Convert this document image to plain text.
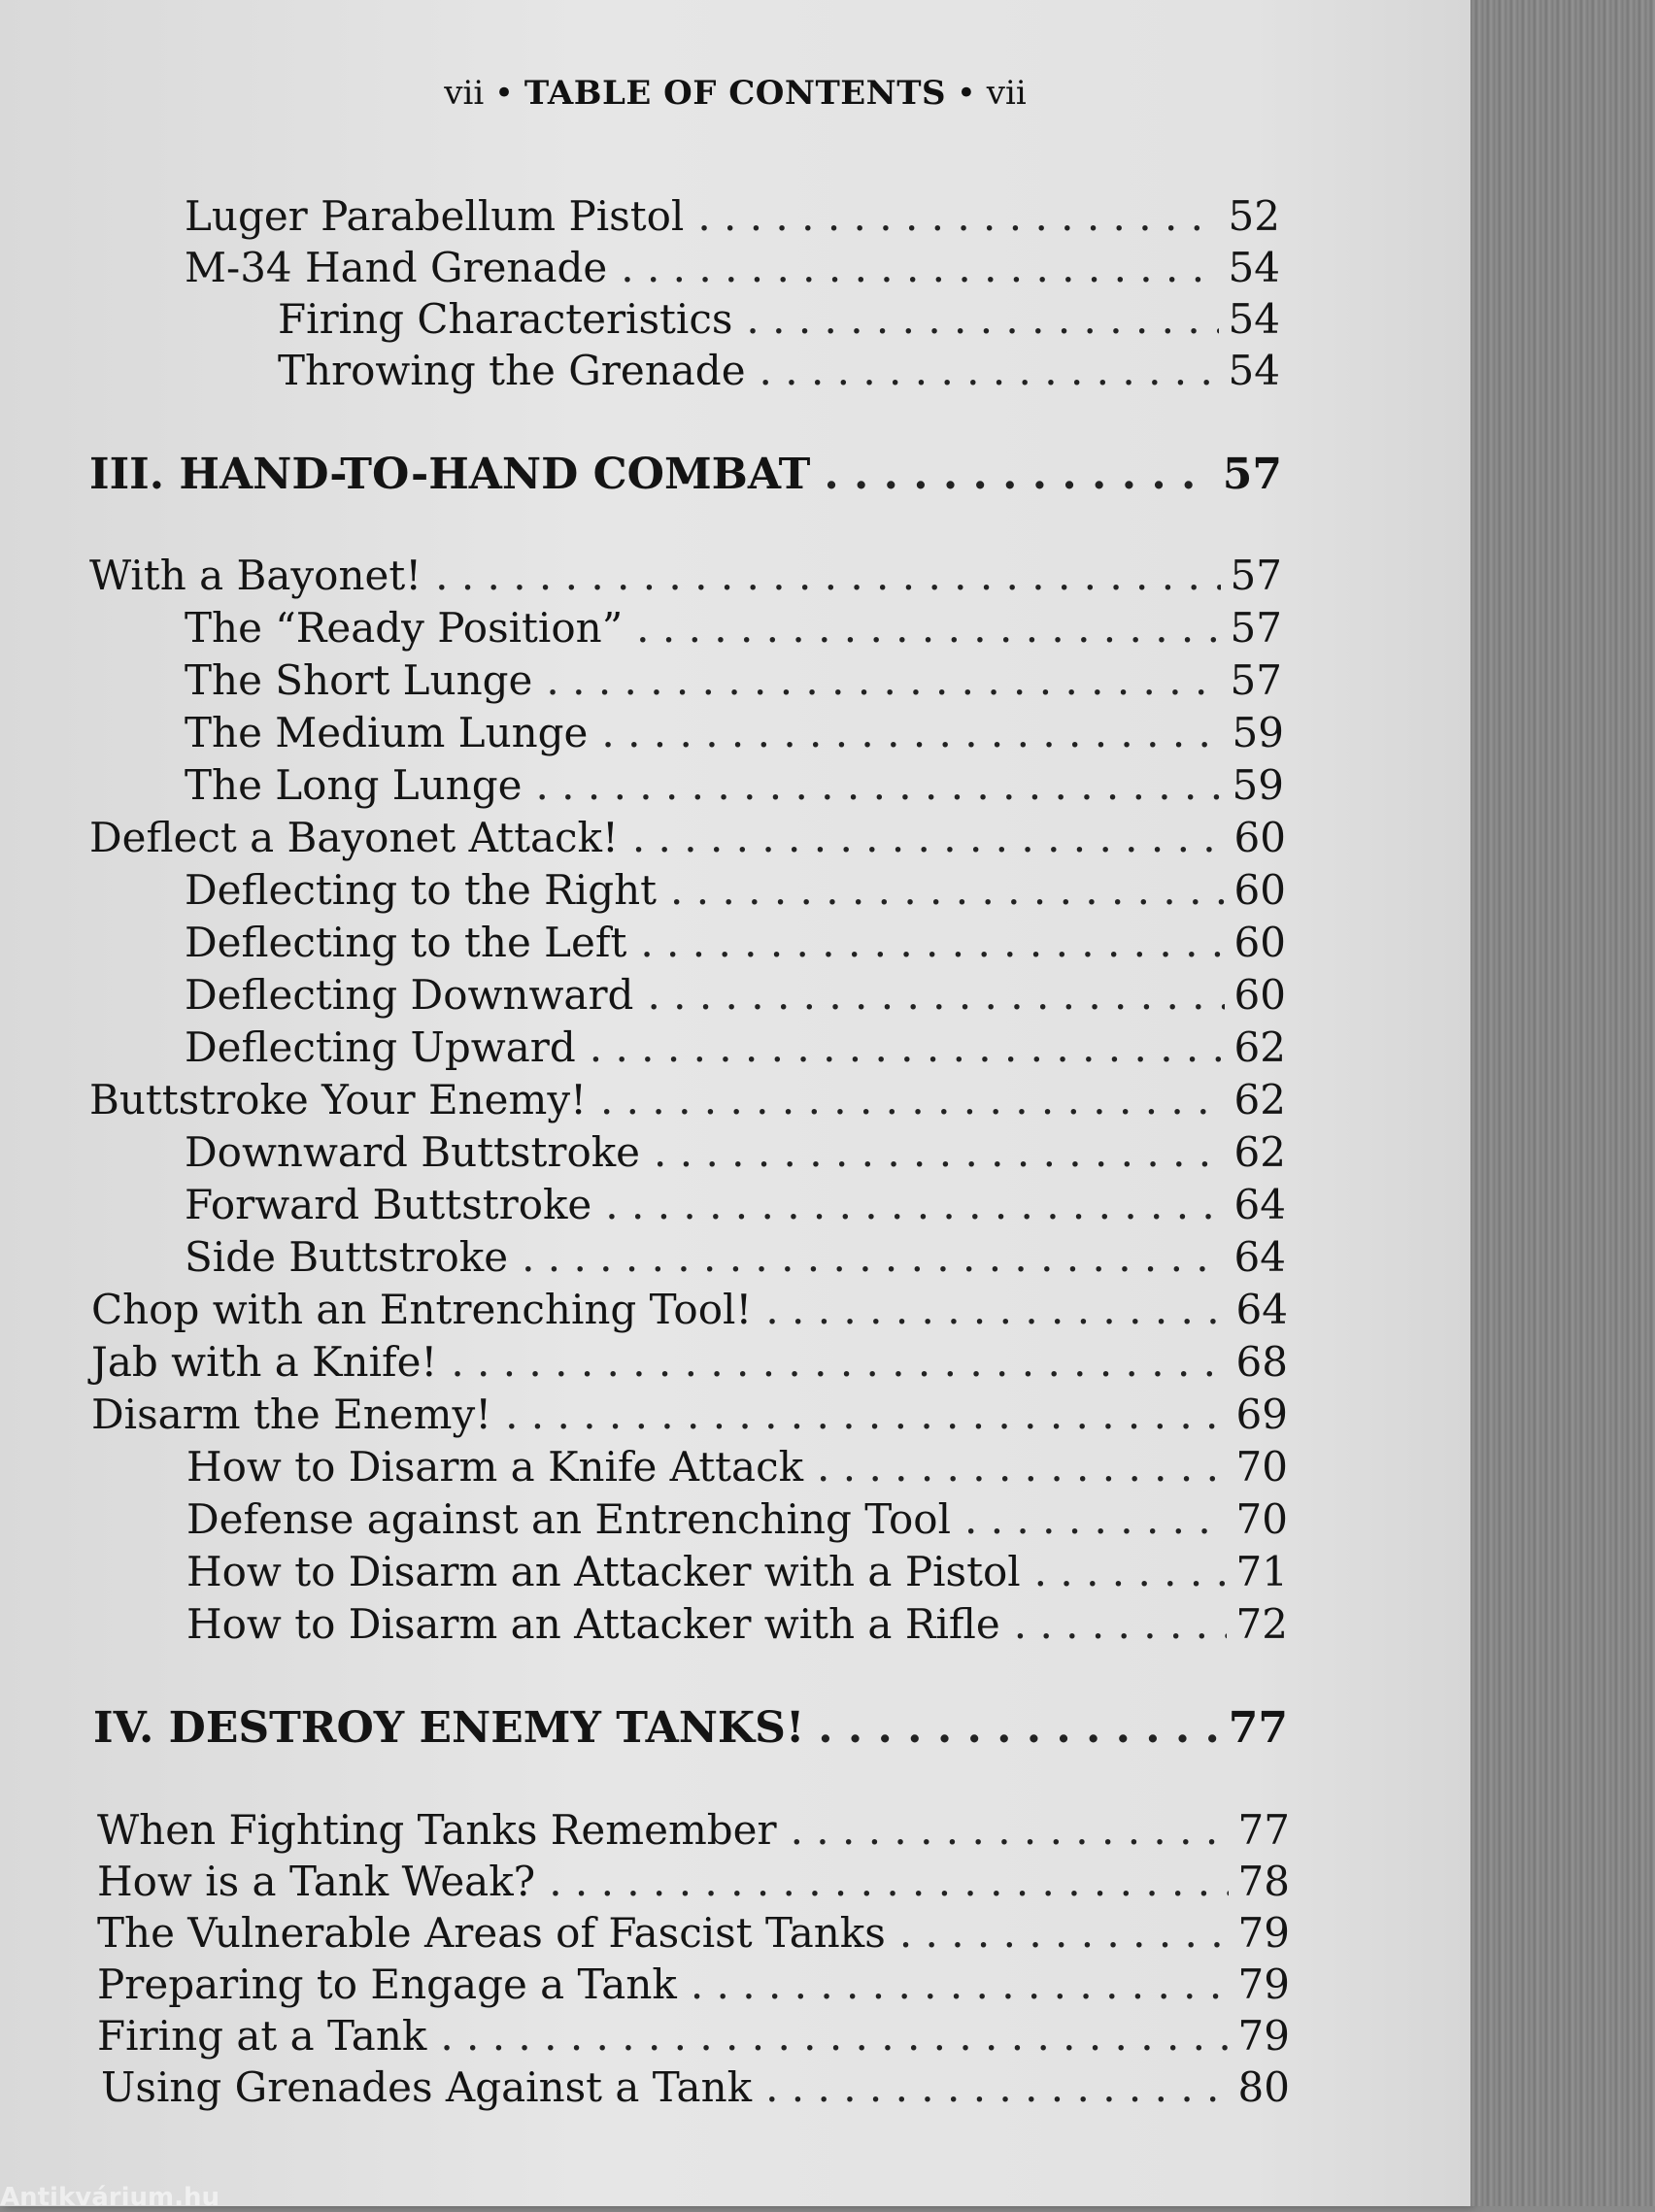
vii • TABLE OF CONTENTS • vii
Luger Parabellum Pistol . . .	52
M-34 Hand Grenade . . .	54
Firing Characteristics . . .	54
Throwing the Grenade . . .	54
III. HAND-TO-HAND COMBAT . . .	57
With a Bayonet! . . .	57
The “Ready Position” . . .	57
The Short Lunge . . .	57
The Medium Lunge . . .	59
The Long Lunge . . .	59
Deflect a Bayonet Attack! . . .	60
Deflecting to the Right . . .	60
Deflecting to the Left . . .	60
Deflecting Downward . . .	60
Deflecting Upward . . .	62
Buttstroke Your Enemy! . . .	62
Downward Buttstroke . . .	62
Forward Buttstroke . . .	64
Side Buttstroke . . .	64
Chop with an Entrenching Tool! . . .	64
Jab with a Knife! . . .	68
Disarm the Enemy! . . .	69
How to Disarm a Knife Attack . . .	70
Defense against an Entrenching Tool . . .	70
How to Disarm an Attacker with a Pistol . . .	71
How to Disarm an Attacker with a Rifle . . .	72
IV. DESTROY ENEMY TANKS! . . .	77
When Fighting Tanks Remember . . .	77
How is a Tank Weak? . . .	78
The Vulnerable Areas of Fascist Tanks . . .	79
Preparing to Engage a Tank . . .	79
Firing at a Tank . . .	79
Using Grenades Against a Tank . . .	80
Antikvárium.hu
